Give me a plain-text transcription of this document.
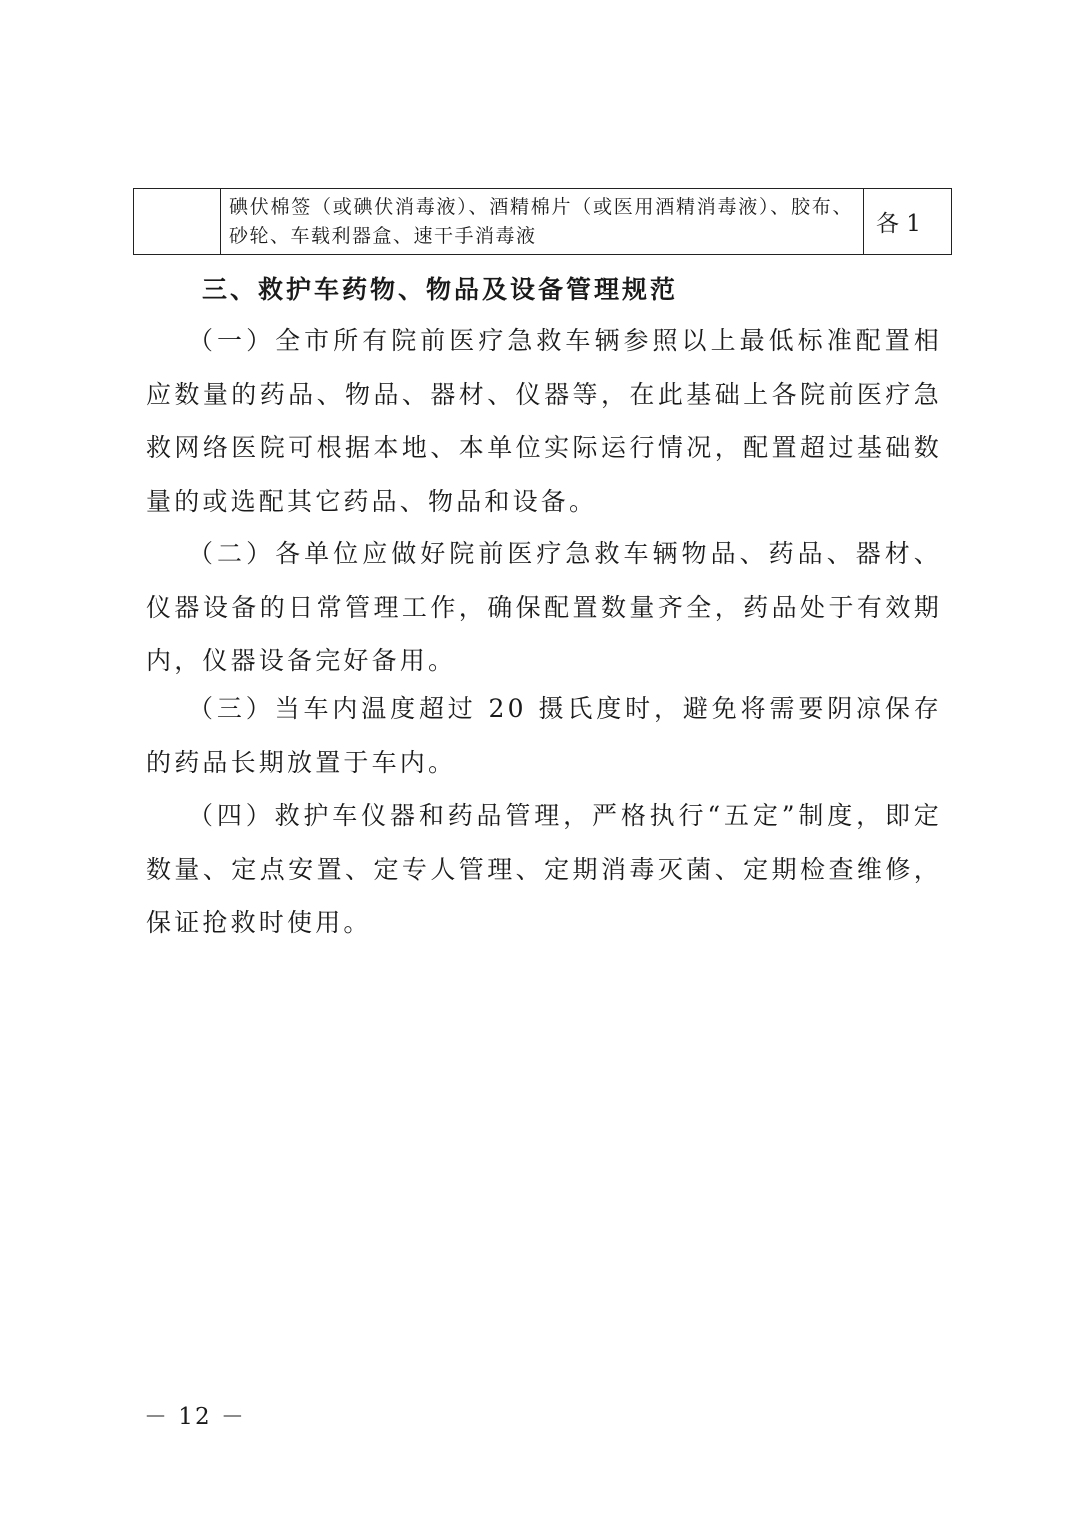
	碘伏棉签（或碘伏消毒液）、酒精棉片（或医用酒精消毒液）、胶布、砂轮、车载利器盒、速干手消毒液	各 1
三、救护车药物、物品及设备管理规范

（一）全市所有院前医疗急救车辆参照以上最低标准配置相应数量的药品、物品、器材、仪器等，在此基础上各院前医疗急救网络医院可根据本地、本单位实际运行情况，配置超过基础数量的或选配其它药品、物品和设备。

（二）各单位应做好院前医疗急救车辆物品、药品、器材、仪器设备的日常管理工作，确保配置数量齐全，药品处于有效期内，仪器设备完好备用。

（三）当车内温度超过 20 摄氏度时，避免将需要阴凉保存的药品长期放置于车内。

（四）救护车仪器和药品管理，严格执行“五定”制度，即定数量、定点安置、定专人管理、定期消毒灭菌、定期检查维修，保证抢救时使用。

－ 12 －
